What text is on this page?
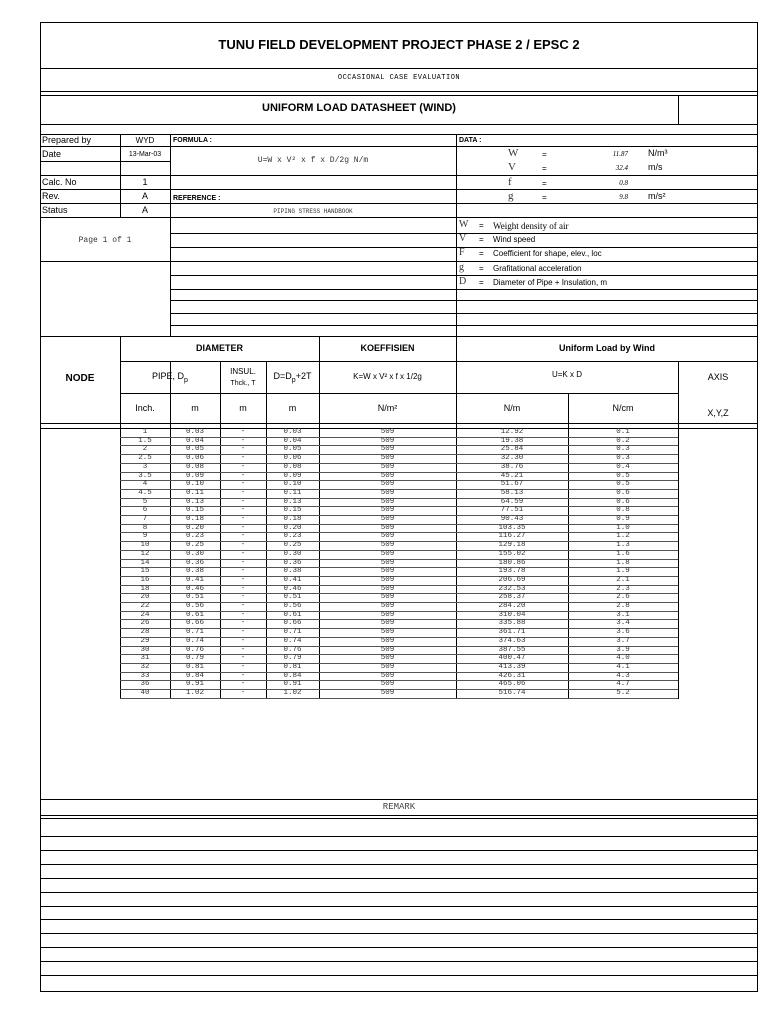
TUNU FIELD DEVELOPMENT PROJECT PHASE 2 / EPSC 2
OCCASIONAL CASE EVALUATION
UNIFORM LOAD DATASHEET (WIND)
Prepared by	WYD
Date	13-Mar-03
Calc. No	1
Rev.	A
Status	A
Page 1 of 1
FORMULA :
U=W x V² x f x D/2g N/m
REFERENCE :
PIPING STRESS HANDBOOK
DATA :
W	=	11.87 N/m³
V	=	32.4 m/s
f	=	0.8
g	=	9.8 m/s²
W = Weight density of air
V = Wind speed
F = Coefficient for shape, elev., loc
g = Grafitational acceleration
D = Diameter of Pipe + Insulation, m
NODE
DIAMETER	KOEFFISIEN	Uniform Load by Wind
PIPE, $D_p$
INSUL.
Thck., T
$D=D_p+2T$	K=W x V² x f x 1/2g	U=K x D	AXIS
X,Y,Z
Inch.	m	m	m	N/m²	N/m	N/cm
1	0.03	-	0.03	509	12.92	0.1
1.5	0.04	-	0.04	509	19.38	0.2
2	0.05	-	0.05	509	25.84	0.3
2.5	0.06	-	0.06	509	32.30	0.3
3	0.08	-	0.08	509	38.76	0.4
3.5	0.09	-	0.09	509	45.21	0.5
4	0.10	-	0.10	509	51.67	0.5
4.5	0.11	-	0.11	509	58.13	0.6
5	0.13	-	0.13	509	64.59	0.6
6	0.15	-	0.15	509	77.51	0.8
7	0.18	-	0.18	509	90.43	0.9
8	0.20	-	0.20	509	103.35	1.0
9	0.23	-	0.23	509	116.27	1.2
10	0.25	-	0.25	509	129.18	1.3
12	0.30	-	0.30	509	155.02	1.6
14	0.36	-	0.36	509	180.86	1.8
15	0.38	-	0.38	509	193.78	1.9
16	0.41	-	0.41	509	206.69	2.1
18	0.46	-	0.46	509	232.53	2.3
20	0.51	-	0.51	509	258.37	2.6
22	0.56	-	0.56	509	284.20	2.8
24	0.61	-	0.61	509	310.04	3.1
26	0.66	-	0.66	509	335.88	3.4
28	0.71	-	0.71	509	361.71	3.6
29	0.74	-	0.74	509	374.63	3.7
30	0.76	-	0.76	509	387.55	3.9
31	0.79	-	0.79	509	400.47	4.0
32	0.81	-	0.81	509	413.39	4.1
33	0.84	-	0.84	509	426.31	4.3
36	0.91	-	0.91	509	465.06	4.7
40	1.02	-	1.02	509	516.74	5.2
REMARK
